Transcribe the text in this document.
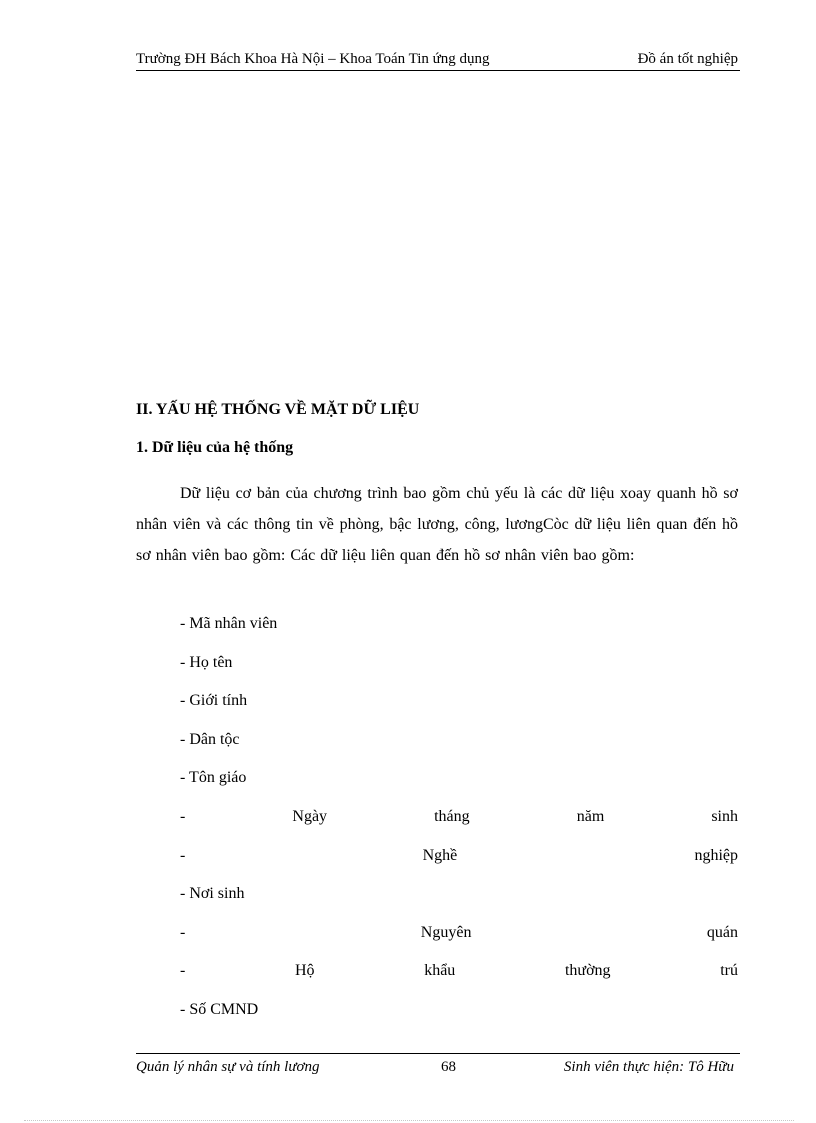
Trường ĐH Bách Khoa Hà Nội – Khoa Toán Tin ứng dụng	Đồ án tốt nghiệp
II. YẤU HỆ THỐNG VỀ MẶT DỮ LIỆU
1. Dữ liệu của hệ thống
Dữ liệu cơ bản của chương trình bao gồm chủ yếu là các dữ liệu xoay quanh hồ sơ nhân viên và các thông tin về phòng, bậc lương, công, lươngCòc dữ liệu liên quan đến hồ sơ nhân viên bao gồm: Các dữ liệu liên quan đến hồ sơ nhân viên bao gồm:
- Mã nhân viên
- Họ tên
- Giới tính
- Dân tộc
- Tôn giáo
-	Ngày	tháng	năm	sinh
-	Nghề	nghiệp
- Nơi sinh
-	Nguyên	quán
-	Hộ	khẩu	thường	trú
- Số CMND
Quản lý nhân sự và tính lương	68	Sinh viên thực hiện: Tô Hữu
